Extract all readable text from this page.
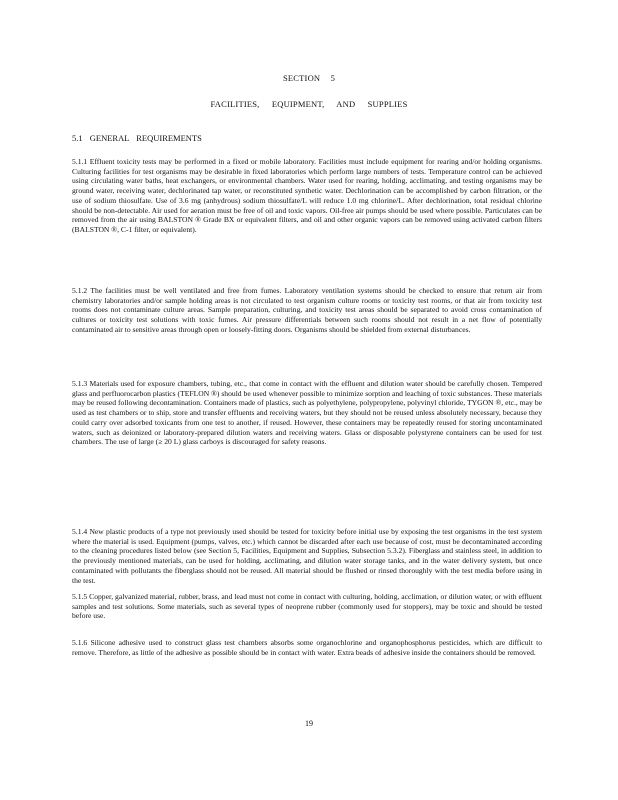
SECTION 5
FACILITIES, EQUIPMENT, AND SUPPLIES
5.1 GENERAL REQUIREMENTS

5.1.1 Effluent toxicity tests may be performed in a fixed or mobile laboratory. Facilities must include equipment for rearing and/or holding organisms. Culturing facilities for test organisms may be desirable in fixed laboratories which perform large numbers of tests. Temperature control can be achieved using circulating water baths, heat exchangers, or environmental chambers. Water used for rearing, holding, acclimating, and testing organisms may be ground water, receiving water, dechlorinated tap water, or reconstituted synthetic water. Dechlorination can be accomplished by carbon filtration, or the use of sodium thiosulfate. Use of 3.6 mg (anhydrous) sodium thiosulfate/L will reduce 1.0 mg chlorine/L. After dechlorination, total residual chlorine should be non-detectable. Air used for aeration must be free of oil and toxic vapors. Oil-free air pumps should be used where possible. Particulates can be removed from the air using BALSTON ® Grade BX or equivalent filters, and oil and other organic vapors can be removed using activated carbon filters (BALSTON ®, C-1 filter, or equivalent).

5.1.2 The facilities must be well ventilated and free from fumes. Laboratory ventilation systems should be checked to ensure that return air from chemistry laboratories and/or sample holding areas is not circulated to test organism culture rooms or toxicity test rooms, or that air from toxicity test rooms does not contaminate culture areas. Sample preparation, culturing, and toxicity test areas should be separated to avoid cross contamination of cultures or toxicity test solutions with toxic fumes. Air pressure differentials between such rooms should not result in a net flow of potentially contaminated air to sensitive areas through open or loosely-fitting doors. Organisms should be shielded from external disturbances.

5.1.3 Materials used for exposure chambers, tubing, etc., that come in contact with the effluent and dilution water should be carefully chosen. Tempered glass and perfluorocarbon plastics (TEFLON ®) should be used whenever possible to minimize sorption and leaching of toxic substances. These materials may be reused following decontamination. Containers made of plastics, such as polyethylene, polypropylene, polyvinyl chloride, TYGON ®, etc., may be used as test chambers or to ship, store and transfer effluents and receiving waters, but they should not be reused unless absolutely necessary, because they could carry over adsorbed toxicants from one test to another, if reused. However, these containers may be repeatedly reused for storing uncontaminated waters, such as deionized or laboratory-prepared dilution waters and receiving waters. Glass or disposable polystyrene containers can be used for test chambers. The use of large (≥ 20 L) glass carboys is discouraged for safety reasons.

5.1.4 New plastic products of a type not previously used should be tested for toxicity before initial use by exposing the test organisms in the test system where the material is used. Equipment (pumps, valves, etc.) which cannot be discarded after each use because of cost, must be decontaminated according to the cleaning procedures listed below (see Section 5, Facilities, Equipment and Supplies, Subsection 5.3.2). Fiberglass and stainless steel, in addition to the previously mentioned materials, can be used for holding, acclimating, and dilution water storage tanks, and in the water delivery system, but once contaminated with pollutants the fiberglass should not be reused. All material should be flushed or rinsed thoroughly with the test media before using in the test.

5.1.5 Copper, galvanized material, rubber, brass, and lead must not come in contact with culturing, holding, acclimation, or dilution water, or with effluent samples and test solutions. Some materials, such as several types of neoprene rubber (commonly used for stoppers), may be toxic and should be tested before use.

5.1.6 Silicone adhesive used to construct glass test chambers absorbs some organochlorine and organophosphorus pesticides, which are difficult to remove. Therefore, as little of the adhesive as possible should be in contact with water. Extra beads of adhesive inside the containers should be removed.

19
